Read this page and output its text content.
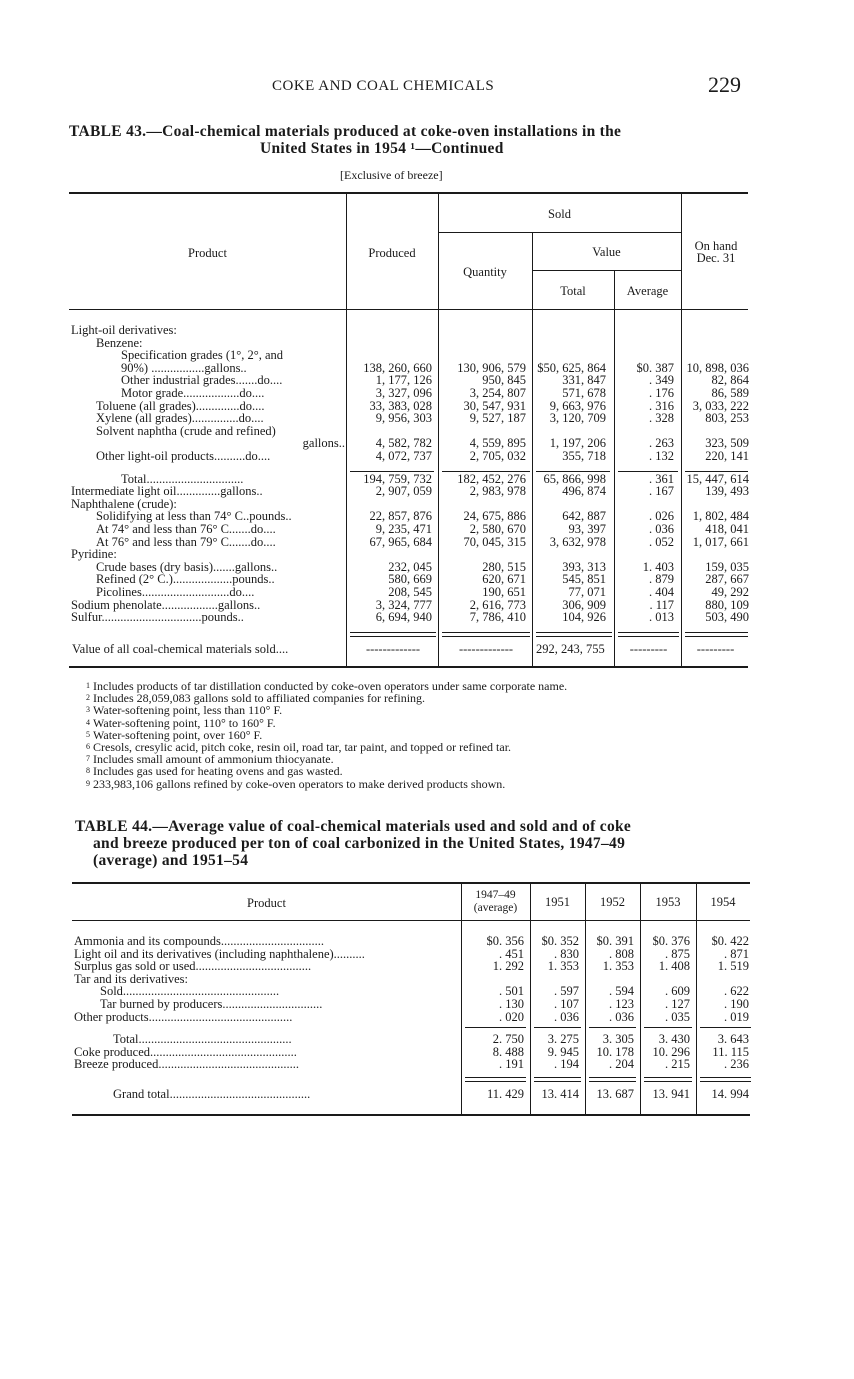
COKE AND COAL CHEMICALS	229
TABLE 43.—Coal-chemical materials produced at coke-oven installations in the
United States in 1954 ¹—Continued
[Exclusive of breeze]
Product	Produced
Sold
Quantity
Value
Total	Average
On hand
Dec. 31
Light-oil derivatives:
Benzene:
Specification grades (1°, 2°, and
90%) .................gallons..	138, 260, 660	130, 906, 579 $50, 625, 864	$0. 387	10, 898, 036
Other industrial grades.......do....	1, 177, 126	950, 845	331, 847	. 349	82, 864
Motor grade..................do....	3, 327, 096	3, 254, 807	571, 678	. 176	86, 589
Toluene (all grades)..............do....	33, 383, 028	30, 547, 931	9, 663, 976	. 316	3, 033, 222
Xylene (all grades)...............do....	9, 956, 303	9, 527, 187	3, 120, 709	. 328	803, 253
Solvent naphtha (crude and refined)
gallons..	4, 582, 782	4, 559, 895	1, 197, 206	. 263	323, 509
Other light-oil products..........do....	4, 072, 737	2, 705, 032	355, 718	. 132	220, 141
Total...............................	194, 759, 732	182, 452, 276	65, 866, 998	. 361	15, 447, 614
Intermediate light oil..............gallons..	2, 907, 059	2, 983, 978	496, 874	. 167	139, 493
Naphthalene (crude):
Solidifying at less than 74° C..pounds..	22, 857, 876	24, 675, 886	642, 887	. 026	1, 802, 484
At 74° and less than 76° C.......do....	9, 235, 471	2, 580, 670	93, 397	. 036	418, 041
At 76° and less than 79° C.......do....	67, 965, 684	70, 045, 315	3, 632, 978	. 052	1, 017, 661
Pyridine:
Crude bases (dry basis).......gallons..	232, 045	280, 515	393, 313	1. 403	159, 035
Refined (2° C.)...................pounds..	580, 669	620, 671	545, 851	. 879	287, 667
Picolines............................do....	208, 545	190, 651	77, 071	. 404	49, 292
Sodium phenolate..................gallons..	3, 324, 777	2, 616, 773	306, 909	. 117	880, 109
Sulfur................................pounds..	6, 694, 940	7, 786, 410	104, 926	. 013	503, 490
Value of all coal-chemical materials sold....	-------------	-------------	292, 243, 755	---------	---------
$^1$ Includes products of tar distillation conducted by coke-oven operators under same corporate name.
$^2$ Includes 28,059,083 gallons sold to affiliated companies for refining.
$^3$ Water-softening point, less than 110° F.
$^4$ Water-softening point, 110° to 160° F.
$^5$ Water-softening point, over 160° F.
$^6$ Cresols, cresylic acid, pitch coke, resin oil, road tar, tar paint, and topped or refined tar.
$^7$ Includes small amount of ammonium thiocyanate.
$^8$ Includes gas used for heating ovens and gas wasted.
$^9$ 233,983,106 gallons refined by coke-oven operators to make derived products shown.
TABLE 44.—Average value of coal-chemical materials used and sold and of coke
and breeze produced per ton of coal carbonized in the United States, 1947–49
(average) and 1951–54
Product
1947–49
(average)	1951	1952	1953	1954
Ammonia and its compounds.................................	$0. 356	$0. 352	$0. 391	$0. 376	$0. 422
Light oil and its derivatives (including naphthalene)..........	. 451	. 830	. 808	. 875	. 871
Surplus gas sold or used.....................................	1. 292	1. 353	1. 353	1. 408	1. 519
Tar and its derivatives:
Sold..................................................	. 501	. 597	. 594	. 609	. 622
Tar burned by producers................................	. 130	. 107	. 123	. 127	. 190
Other products..............................................	. 020	. 036	. 036	. 035	. 019
Total.................................................	2. 750	3. 275	3. 305	3. 430	3. 643
Coke produced...............................................	8. 488	9. 945	10. 178	10. 296	11. 115
Breeze produced.............................................	. 191	. 194	. 204	. 215	. 236
Grand total.............................................	11. 429	13. 414	13. 687	13. 941	14. 994
